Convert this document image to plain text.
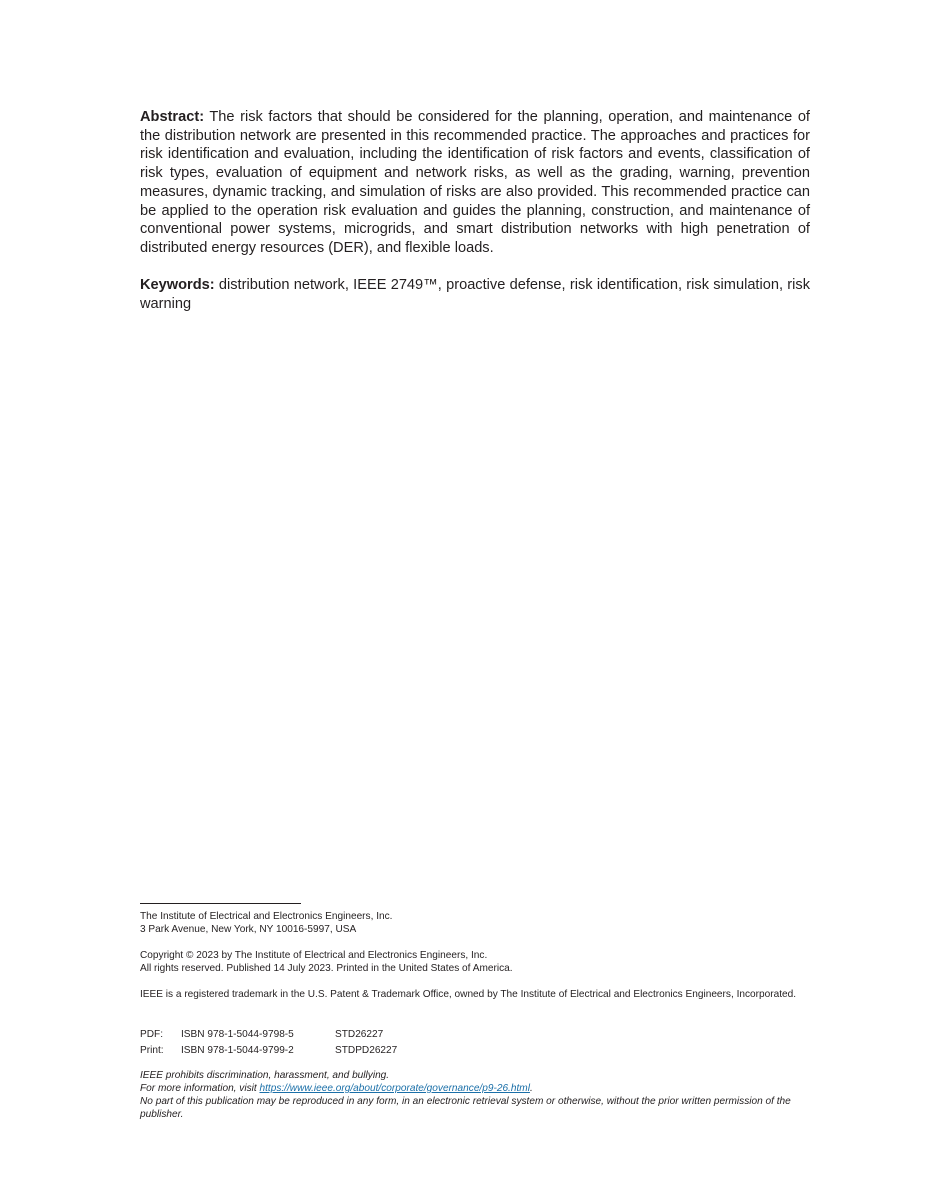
Abstract: The risk factors that should be considered for the planning, operation, and maintenance of the distribution network are presented in this recommended practice. The approaches and practices for risk identification and evaluation, including the identification of risk factors and events, classification of risk types, evaluation of equipment and network risks, as well as the grading, warning, prevention measures, dynamic tracking, and simulation of risks are also provided. This recommended practice can be applied to the operation risk evaluation and guides the planning, construction, and maintenance of conventional power systems, microgrids, and smart distribution networks with high penetration of distributed energy resources (DER), and flexible loads.

Keywords: distribution network, IEEE 2749™, proactive defense, risk identification, risk simulation, risk warning

The Institute of Electrical and Electronics Engineers, Inc.

3 Park Avenue, New York, NY 10016-5997, USA

Copyright © 2023 by The Institute of Electrical and Electronics Engineers, Inc.

All rights reserved. Published 14 July 2023. Printed in the United States of America.

IEEE is a registered trademark in the U.S. Patent & Trademark Office, owned by The Institute of Electrical and Electronics Engineers, Incorporated.

PDF:	ISBN 978-1-5044-9798-5	STD26227
Print:	ISBN 978-1-5044-9799-2	STDPD26227

IEEE prohibits discrimination, harassment, and bullying.

For more information, visit https://www.ieee.org/about/corporate/governance/p9-26.html.

No part of this publication may be reproduced in any form, in an electronic retrieval system or otherwise, without the prior written permission of the publisher.
